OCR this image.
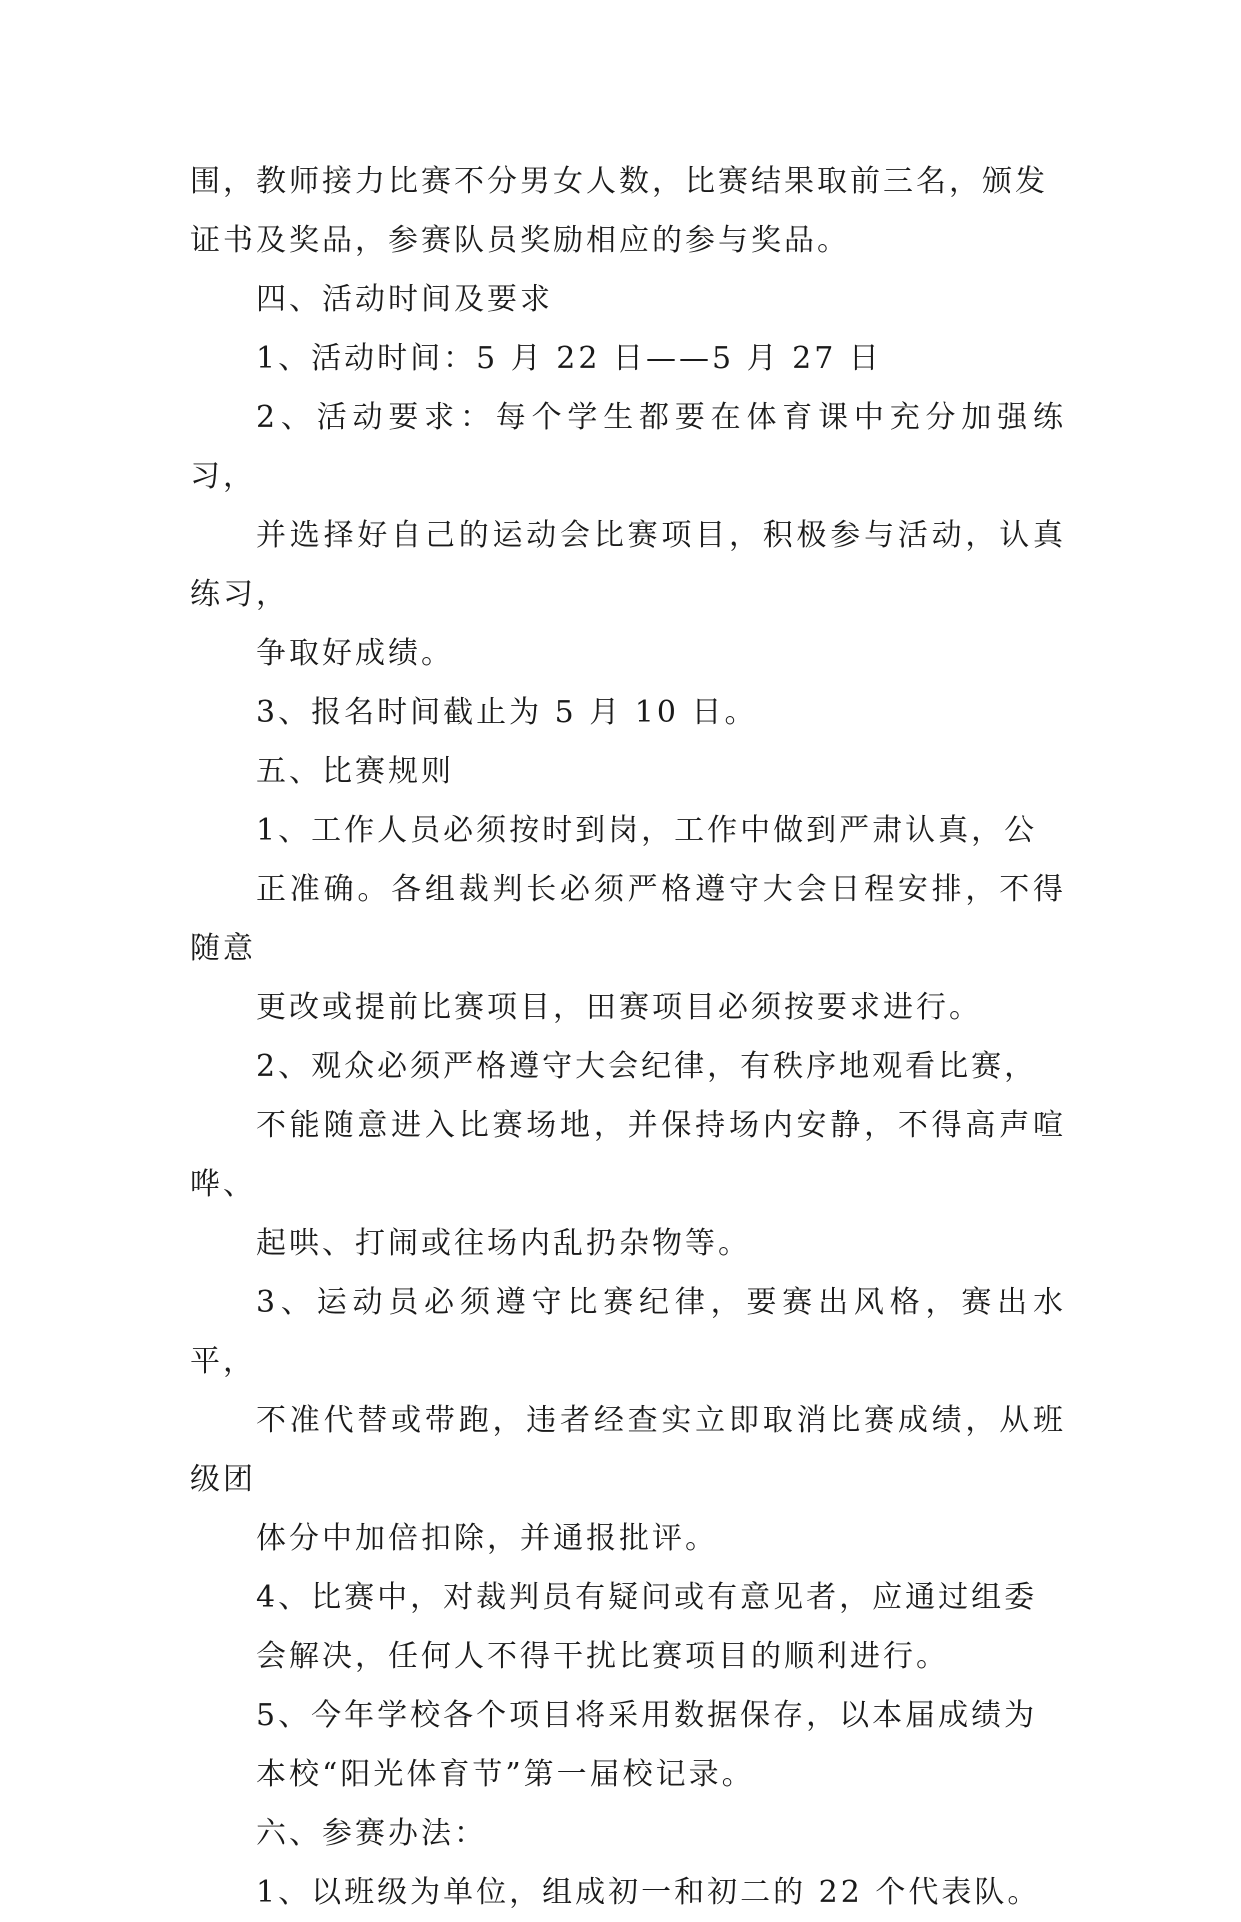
围，教师接力比赛不分男女人数，比赛结果取前三名，颁发
证书及奖品，参赛队员奖励相应的参与奖品。

四、活动时间及要求

1、活动时间：5 月 22 日——5 月 27 日

2、活动要求：每个学生都要在体育课中充分加强练习，
并选择好自己的运动会比赛项目，积极参与活动，认真练习，
争取好成绩。

3、报名时间截止为 5 月 10 日。

五、比赛规则

1、工作人员必须按时到岗，工作中做到严肃认真，公
正准确。各组裁判长必须严格遵守大会日程安排，不得随意
更改或提前比赛项目，田赛项目必须按要求进行。

2、观众必须严格遵守大会纪律，有秩序地观看比赛，
不能随意进入比赛场地，并保持场内安静，不得高声喧哗、
起哄、打闹或往场内乱扔杂物等。

3、运动员必须遵守比赛纪律，要赛出风格，赛出水平，
不准代替或带跑，违者经查实立即取消比赛成绩，从班级团
体分中加倍扣除，并通报批评。

4、比赛中，对裁判员有疑问或有意见者，应通过组委
会解决，任何人不得干扰比赛项目的顺利进行。

5、今年学校各个项目将采用数据保存，以本届成绩为
本校“阳光体育节”第一届校记录。

六、参赛办法：

1、以班级为单位，组成初一和初二的 22 个代表队。
